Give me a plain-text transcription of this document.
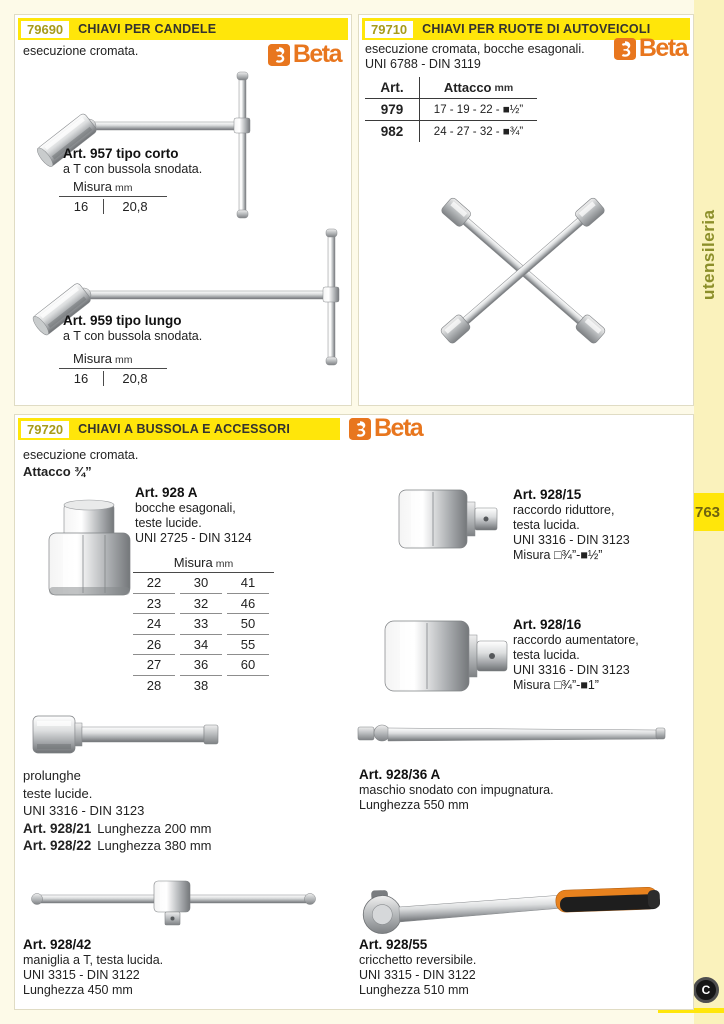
utensileria
763
C
79690	CHIAVI PER CANDELE
Beta
esecuzione cromata.
Art. 957 tipo corto
a T con bussola snodata.
Misura mm
16	20,8
Art. 959 tipo lungo
a T con bussola snodata.
Misura mm
16	20,8
79710	CHIAVI PER RUOTE DI AUTOVEICOLI
esecuzione cromata, bocche esagonali.
UNI 6788 - DIN 3119
Beta
Art.	Attacco mm
979	17 - 19 - 22 - ■½”
982	24 - 27 - 32 - ■¾”
79720	CHIAVI A BUSSOLA E ACCESSORI	Beta
esecuzione cromata.
Attacco ¾”
Art. 928 A
bocche esagonali,
teste lucide.
UNI 2725 - DIN 3124
Misura mm
22	30	41
23	32	46
24	33	50
26	34	55
27	36	60
28	38
Art. 928/15
raccordo riduttore,
testa lucida.
UNI 3316 - DIN 3123
Misura □¾”-■½”
Art. 928/16
raccordo aumentatore,
testa lucida.
UNI 3316 - DIN 3123
Misura □¾”-■1”
prolunghe
teste lucide.
UNI 3316 - DIN 3123
Art. 928/21 Lunghezza 200 mm
Art. 928/22 Lunghezza 380 mm
Art. 928/36 A
maschio snodato con impugnatura.
Lunghezza 550 mm
Art. 928/42
maniglia a T, testa lucida.
UNI 3315 - DIN 3122
Lunghezza 450 mm
Art. 928/55
cricchetto reversibile.
UNI 3315 - DIN 3122
Lunghezza 510 mm
